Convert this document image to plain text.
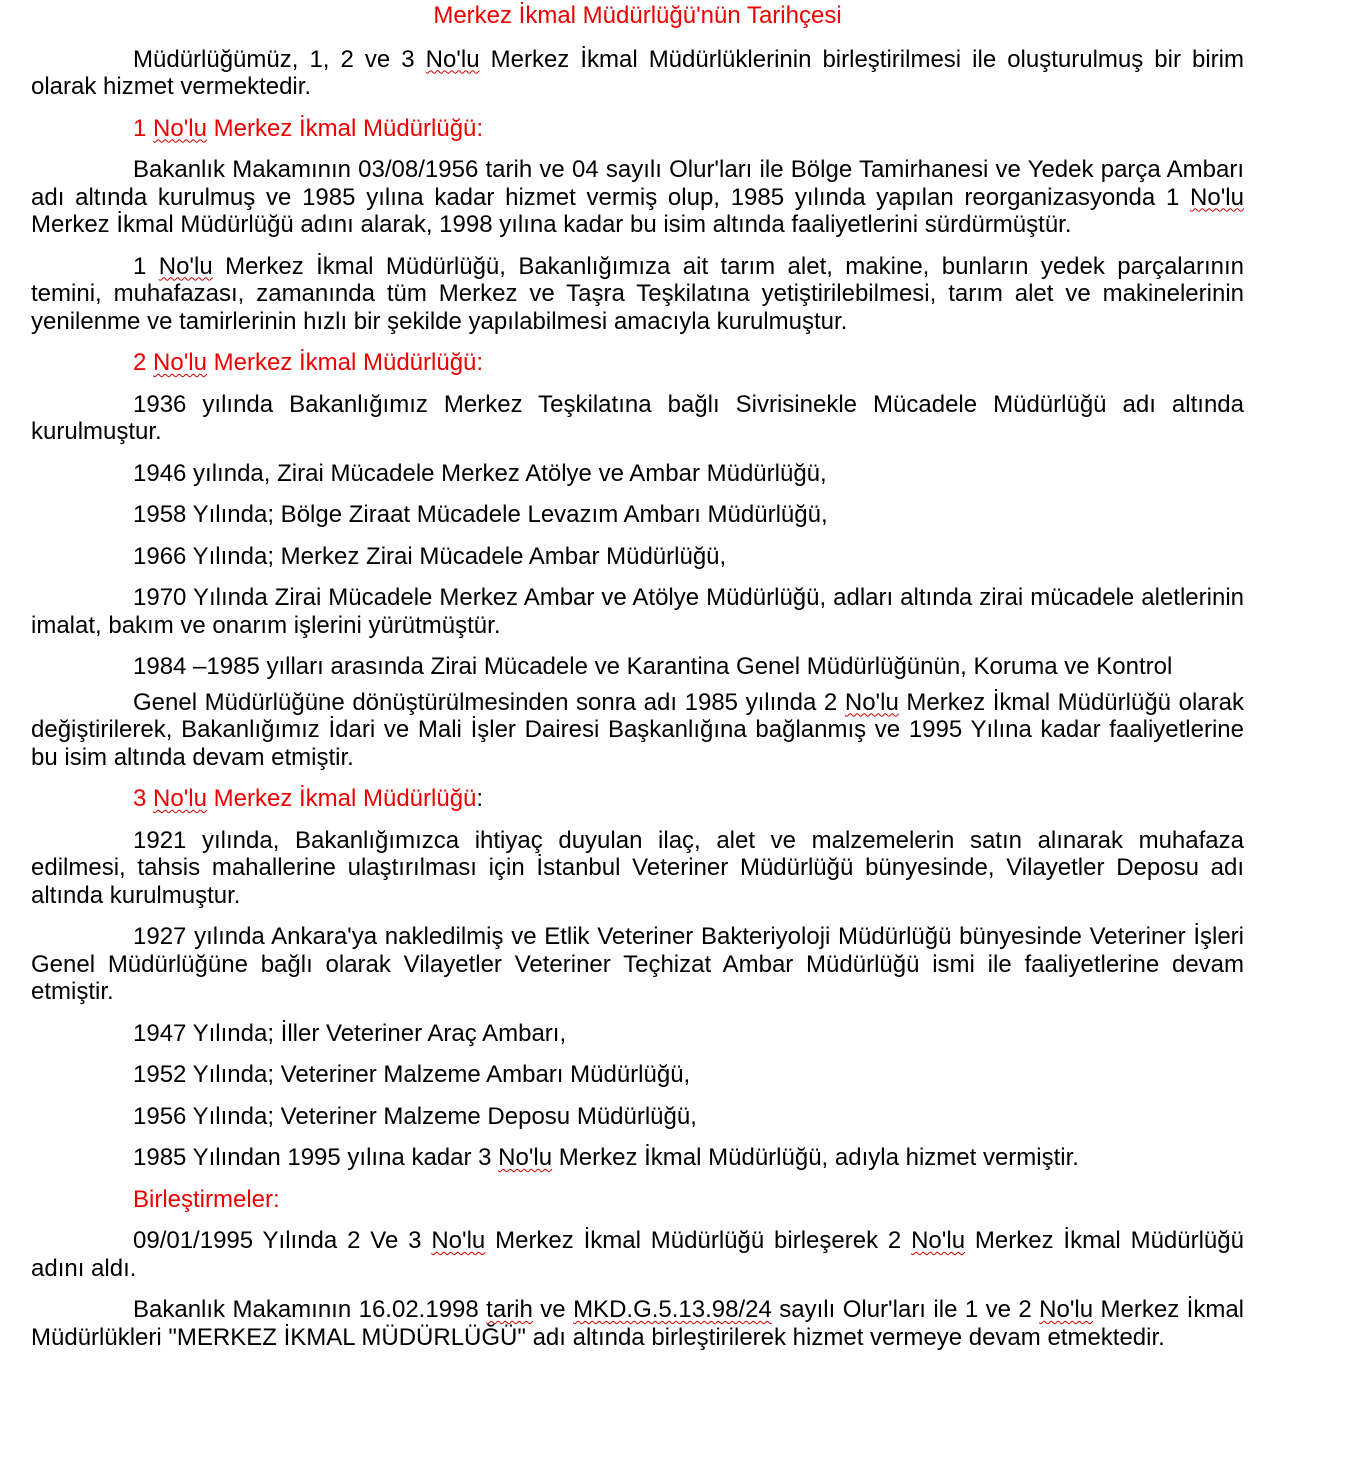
Merkez İkmal Müdürlüğü'nün Tarihçesi

Müdürlüğümüz, 1, 2 ve 3 No'lu Merkez İkmal Müdürlüklerinin birleştirilmesi ile oluşturulmuş bir birim olarak hizmet vermektedir.

1 No'lu Merkez İkmal Müdürlüğü:

Bakanlık Makamının 03/08/1956 tarih ve 04 sayılı Olur'ları ile Bölge Tamirhanesi ve Yedek parça Ambarı adı altında kurulmuş ve 1985 yılına kadar hizmet vermiş olup, 1985 yılında yapılan reorganizasyonda 1 No'lu Merkez İkmal Müdürlüğü adını alarak, 1998 yılına kadar bu isim altında faaliyetlerini sürdürmüştür.

1 No'lu Merkez İkmal Müdürlüğü, Bakanlığımıza ait tarım alet, makine, bunların yedek parçalarının temini, muhafazası, zamanında tüm Merkez ve Taşra Teşkilatına yetiştirilebilmesi, tarım alet ve makinelerinin yenilenme ve tamirlerinin hızlı bir şekilde yapılabilmesi amacıyla kurulmuştur.

2 No'lu Merkez İkmal Müdürlüğü:

1936 yılında Bakanlığımız Merkez Teşkilatına bağlı Sivrisinekle Mücadele Müdürlüğü adı altında kurulmuştur.

1946 yılında, Zirai Mücadele Merkez Atölye ve Ambar Müdürlüğü,

1958 Yılında; Bölge Ziraat Mücadele Levazım Ambarı Müdürlüğü,

1966 Yılında; Merkez Zirai Mücadele Ambar Müdürlüğü,

1970 Yılında Zirai Mücadele Merkez Ambar ve Atölye Müdürlüğü, adları altında zirai mücadele aletlerinin imalat, bakım ve onarım işlerini yürütmüştür.

1984 –1985 yılları arasında Zirai Mücadele ve Karantina Genel Müdürlüğünün, Koruma ve Kontrol

Genel Müdürlüğüne dönüştürülmesinden sonra adı 1985 yılında 2 No'lu Merkez İkmal Müdürlüğü olarak değiştirilerek, Bakanlığımız İdari ve Mali İşler Dairesi Başkanlığına bağlanmış ve 1995 Yılına kadar faaliyetlerine bu isim altında devam etmiştir.

3 No'lu Merkez İkmal Müdürlüğü:

1921 yılında, Bakanlığımızca ihtiyaç duyulan ilaç, alet ve malzemelerin satın alınarak muhafaza edilmesi, tahsis mahallerine ulaştırılması için İstanbul Veteriner Müdürlüğü bünyesinde, Vilayetler Deposu adı altında kurulmuştur.

1927 yılında Ankara'ya nakledilmiş ve Etlik Veteriner Bakteriyoloji Müdürlüğü bünyesinde Veteriner İşleri Genel Müdürlüğüne bağlı olarak Vilayetler Veteriner Teçhizat Ambar Müdürlüğü ismi ile faaliyetlerine devam etmiştir.

1947 Yılında; İller Veteriner Araç Ambarı,

1952 Yılında; Veteriner Malzeme Ambarı Müdürlüğü,

1956 Yılında; Veteriner Malzeme Deposu Müdürlüğü,

1985 Yılından 1995 yılına kadar 3 No'lu Merkez İkmal Müdürlüğü, adıyla hizmet vermiştir.

Birleştirmeler:

09/01/1995 Yılında 2 Ve 3 No'lu Merkez İkmal Müdürlüğü birleşerek 2 No'lu Merkez İkmal Müdürlüğü adını aldı.

Bakanlık Makamının 16.02.1998 tarih ve MKD.G.5.13.98/24 sayılı Olur'ları ile 1 ve 2 No'lu Merkez İkmal Müdürlükleri "MERKEZ İKMAL MÜDÜRLÜĞÜ" adı altında birleştirilerek hizmet vermeye devam etmektedir.
